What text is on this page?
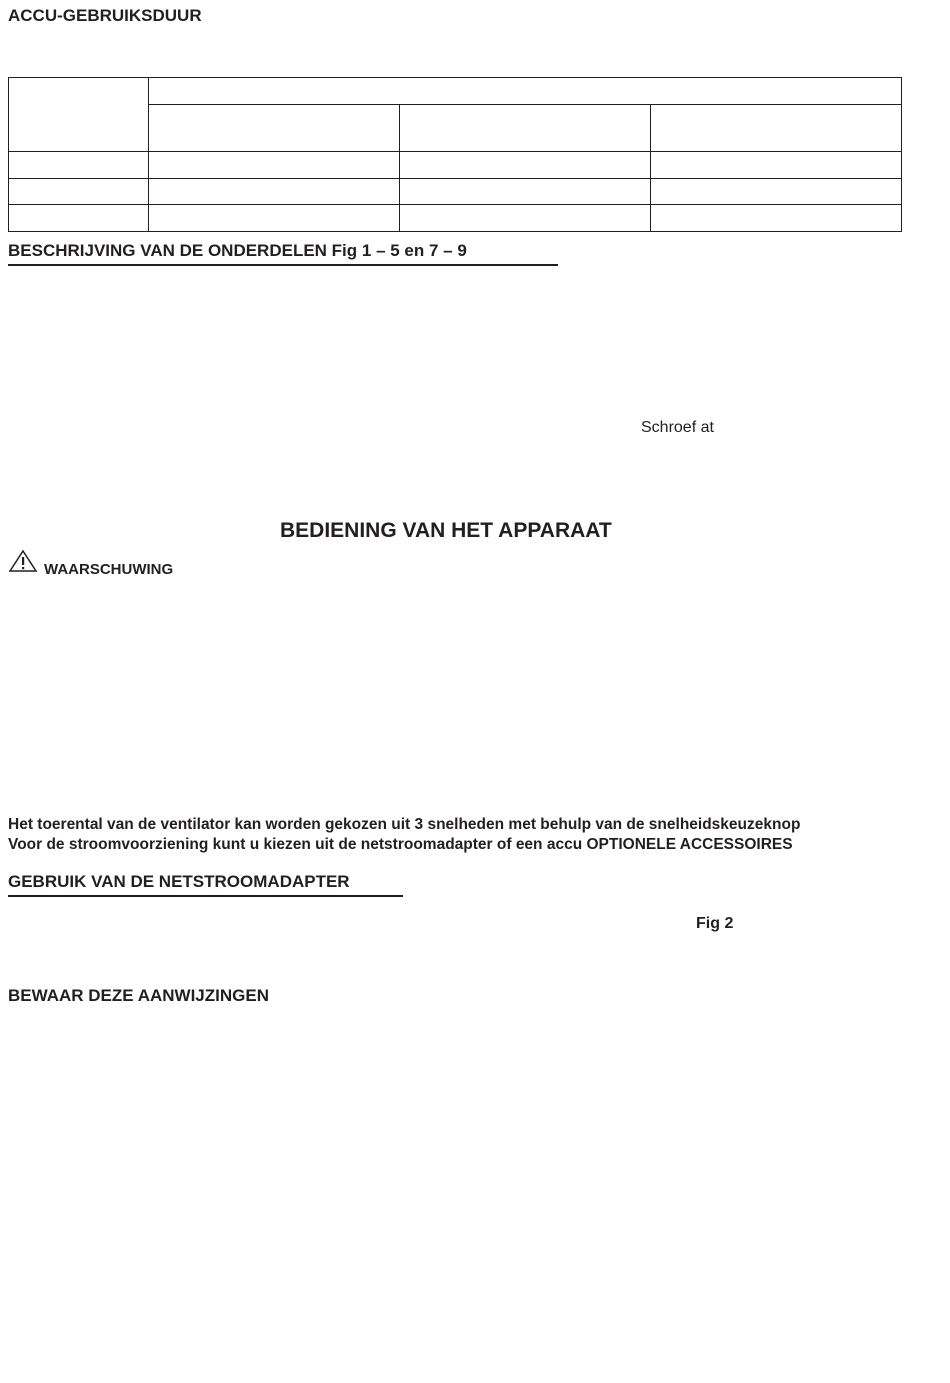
ACCU-GEBRUIKSDUUR

BESCHRIJVING VAN DE ONDERDELEN Fig 1 – 5 en 7 – 9
Schroef at
BEDIENING VAN HET APPARAAT
WAARSCHUWING
Het toerental van de ventilator kan worden gekozen uit 3 snelheden met behulp van de snelheidskeuzeknop
Voor de stroomvoorziening kunt u kiezen uit de netstroomadapter of een accu OPTIONELE ACCESSOIRES
GEBRUIK VAN DE NETSTROOMADAPTER
Fig 2
BEWAAR DEZE AANWIJZINGEN
